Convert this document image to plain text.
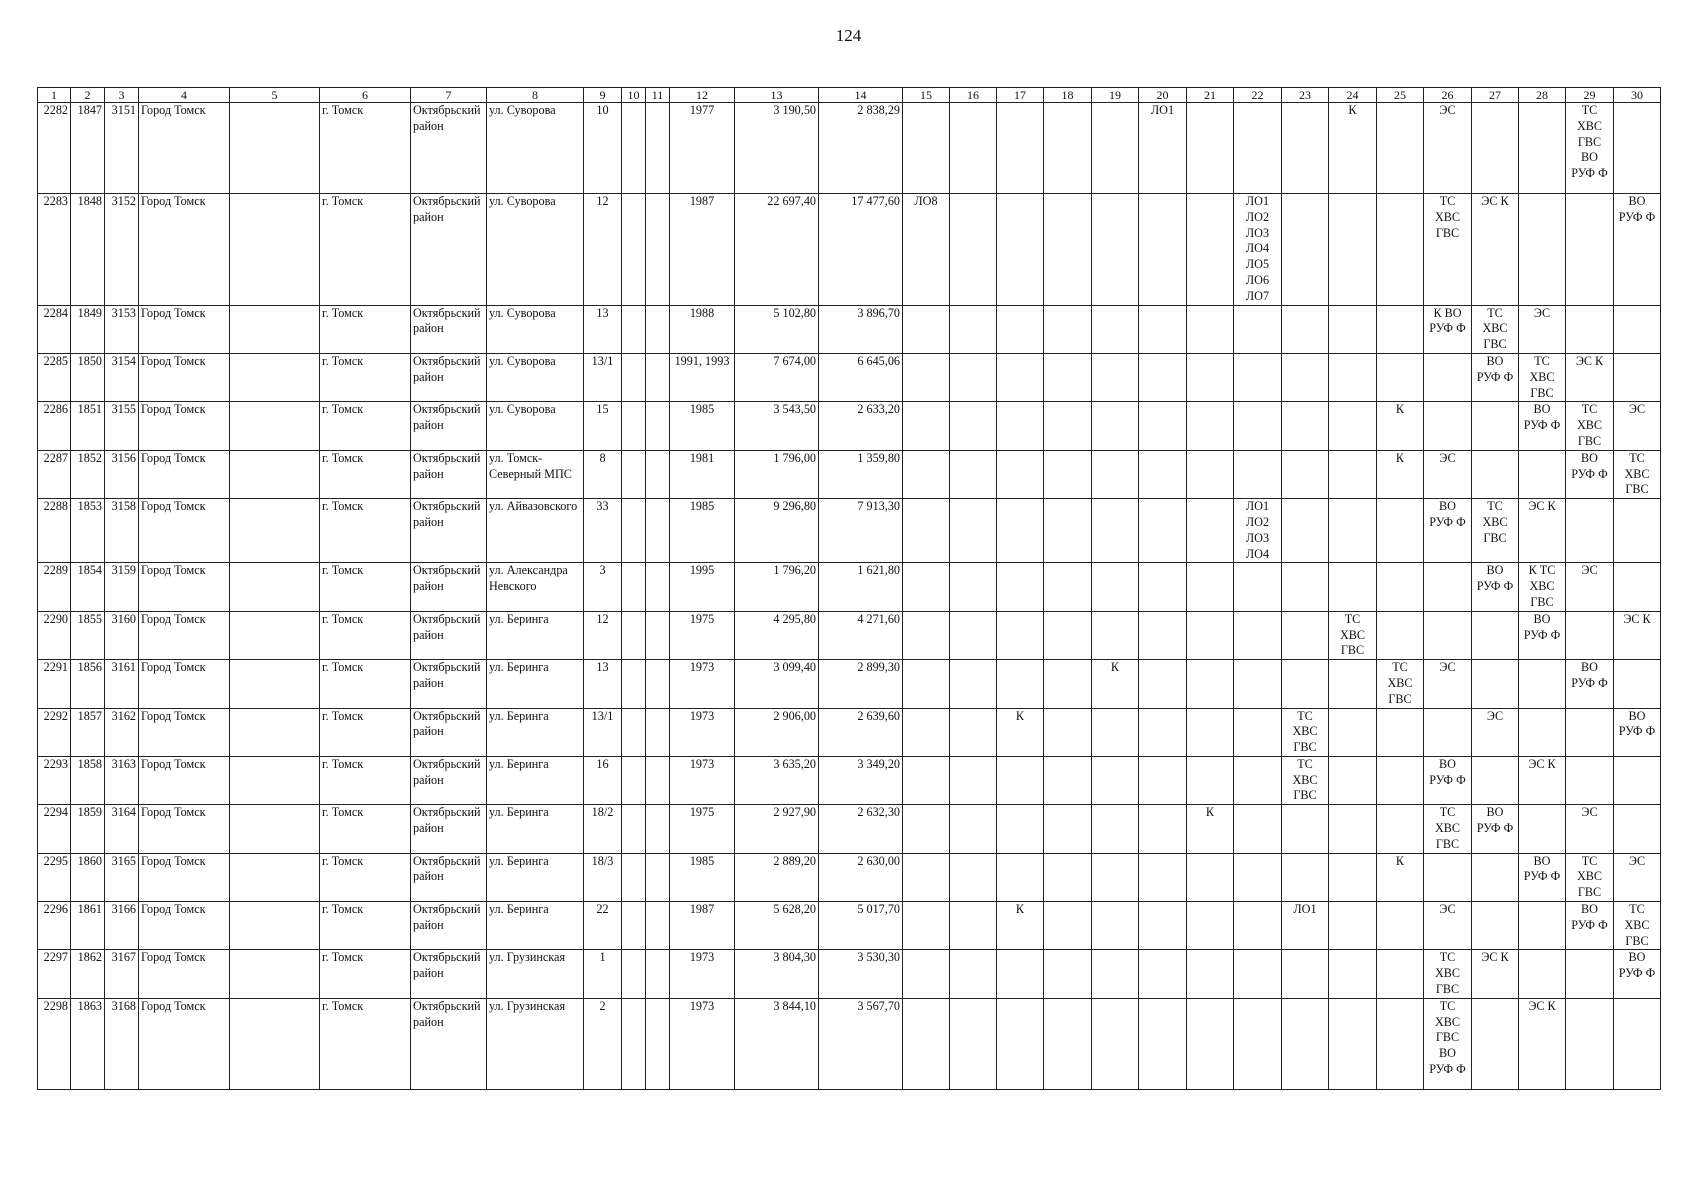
124
1	2	3	4	5	6	7	8	9	10	11	12	13	14	15	16	17	18	19	20	21	22	23	24	25	26	27	28	29	30
2282	1847	3151	Город Томск		г. Томск	Октябрьский район	ул. Суворова	10			1977	3 190,50	2 838,29						ЛО1				К		ЭС			ТС ХВС ГВС ВО РУФ Ф	
2283	1848	3152	Город Томск		г. Томск	Октябрьский район	ул. Суворова	12			1987	22 697,40	17 477,60	ЛО8							ЛО1 ЛО2 ЛО3 ЛО4 ЛО5 ЛО6 ЛО7				ТС ХВС ГВС	ЭС К			ВО РУФ Ф
2284	1849	3153	Город Томск		г. Томск	Октябрьский район	ул. Суворова	13			1988	5 102,80	3 896,70												К ВО РУФ Ф	ТС ХВС ГВС	ЭС		
2285	1850	3154	Город Томск		г. Томск	Октябрьский район	ул. Суворова	13/1			1991, 1993	7 674,00	6 645,06													ВО РУФ Ф	ТС ХВС ГВС	ЭС К	
2286	1851	3155	Город Томск		г. Томск	Октябрьский район	ул. Суворова	15			1985	3 543,50	2 633,20											К			ВО РУФ Ф	ТС ХВС ГВС	ЭС
2287	1852	3156	Город Томск		г. Томск	Октябрьский район	ул. Томск-Северный МПС	8			1981	1 796,00	1 359,80											К	ЭС			ВО РУФ Ф	ТС ХВС ГВС
2288	1853	3158	Город Томск		г. Томск	Октябрьский район	ул. Айвазовского	33			1985	9 296,80	7 913,30								ЛО1 ЛО2 ЛО3 ЛО4				ВО РУФ Ф	ТС ХВС ГВС	ЭС К		
2289	1854	3159	Город Томск		г. Томск	Октябрьский район	ул. Александра Невского	3			1995	1 796,20	1 621,80													ВО РУФ Ф	К ТС ХВС ГВС	ЭС	
2290	1855	3160	Город Томск		г. Томск	Октябрьский район	ул. Беринга	12			1975	4 295,80	4 271,60										ТС ХВС ГВС				ВО РУФ Ф		ЭС К
2291	1856	3161	Город Томск		г. Томск	Октябрьский район	ул. Беринга	13			1973	3 099,40	2 899,30					К						ТС ХВС ГВС	ЭС			ВО РУФ Ф	
2292	1857	3162	Город Томск		г. Томск	Октябрьский район	ул. Беринга	13/1			1973	2 906,00	2 639,60			К						ТС ХВС ГВС				ЭС			ВО РУФ Ф
2293	1858	3163	Город Томск		г. Томск	Октябрьский район	ул. Беринга	16			1973	3 635,20	3 349,20									ТС ХВС ГВС			ВО РУФ Ф		ЭС К		
2294	1859	3164	Город Томск		г. Томск	Октябрьский район	ул. Беринга	18/2			1975	2 927,90	2 632,30							К					ТС ХВС ГВС	ВО РУФ Ф		ЭС	
2295	1860	3165	Город Томск		г. Томск	Октябрьский район	ул. Беринга	18/3			1985	2 889,20	2 630,00											К			ВО РУФ Ф	ТС ХВС ГВС	ЭС
2296	1861	3166	Город Томск		г. Томск	Октябрьский район	ул. Беринга	22			1987	5 628,20	5 017,70			К						ЛО1			ЭС			ВО РУФ Ф	ТС ХВС ГВС
2297	1862	3167	Город Томск		г. Томск	Октябрьский район	ул. Грузинская	1			1973	3 804,30	3 530,30												ТС ХВС ГВС	ЭС К			ВО РУФ Ф
2298	1863	3168	Город Томск		г. Томск	Октябрьский район	ул. Грузинская	2			1973	3 844,10	3 567,70												ТС ХВС ГВС ВО РУФ Ф		ЭС К		
